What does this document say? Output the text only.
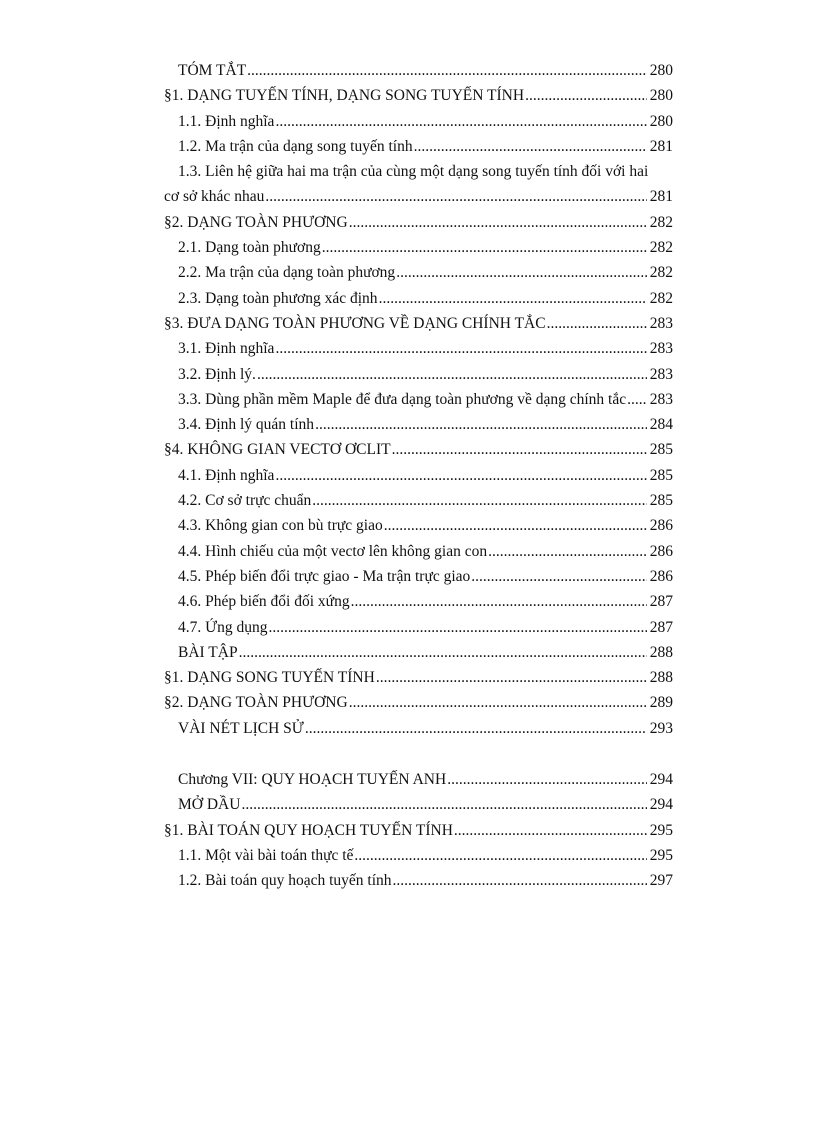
TÓM TẮT .....	280
§1. DẠNG TUYẾN TÍNH, DẠNG SONG TUYẾN TÍNH .....	280
1.1. Định nghĩa .....	280
1.2. Ma trận của dạng song tuyến tính .....	281
1.3. Liên hệ giữa hai ma trận của cùng một dạng song tuyến tính đối với hai
cơ sở khác nhau .....	281
§2. DẠNG TOÀN PHƯƠNG .....	282
2.1. Dạng toàn phương .....	282
2.2. Ma trận của dạng toàn phương .....	282
2.3. Dạng toàn phương xác định .....	282
§3. ĐƯA DẠNG TOÀN PHƯƠNG VỀ DẠNG CHÍNH TẮC .....	283
3.1. Định nghĩa .....	283
3.2. Định lý. .....	283
3.3. Dùng phần mềm Maple để đưa dạng toàn phương về dạng chính tắc ..... 283
3.4. Định lý quán tính .....	284
§4. KHÔNG GIAN VECTƠ ƠCLIT .....	285
4.1. Định nghĩa .....	285
4.2. Cơ sở trực chuẩn .....	285
4.3. Không gian con bù trực giao .....	286
4.4. Hình chiếu của một vectơ lên không gian con .....	286
4.5. Phép biến đổi trực giao - Ma trận trực giao .....	286
4.6. Phép biến đổi đối xứng .....	287
4.7. Ứng dụng .....	287
BÀI TẬP .....	288
§1. DẠNG SONG TUYẾN TÍNH .....	288
§2. DẠNG TOÀN PHƯƠNG .....	289
VÀI NÉT LỊCH SỬ .....	293
Chương VII: QUY HOẠCH TUYẾN ANH .....	294
MỞ DẦU .....	294
§1. BÀI TOÁN QUY HOẠCH TUYẾN TÍNH .....	295
1.1. Một vài bài toán thực tế .....	295
1.2. Bài toán quy hoạch tuyến tính .....	297
